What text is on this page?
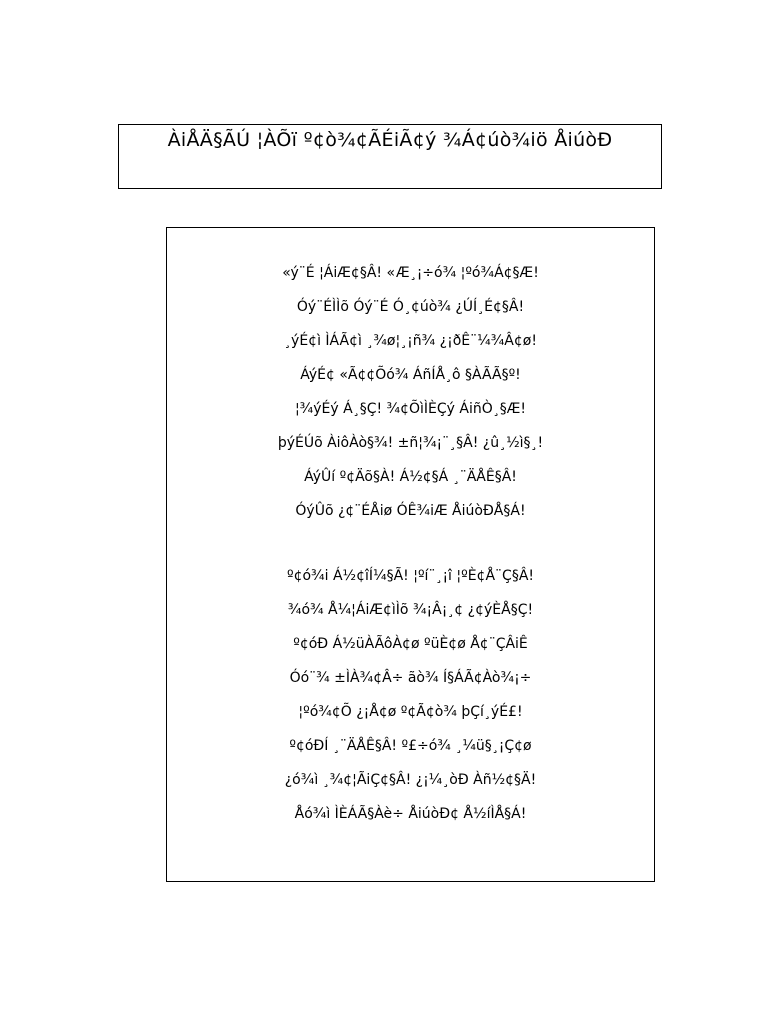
ÀiÅÄ§ÃÚ ¦ÀÕï º¢ò¾¢ÃÉiÃ¢ý ¾Á¢úò¾iö ÅiúòÐ
«ý¨É ¦ÁiÆ¢§Â! «Æ¸¡÷ó¾ ¦ºó¾Á¢§Æ!
Óý¨ÉÌÌõ Óý¨É Ó¸¢úò¾ ¿ÚÍ¸É¢§Â!
¸ýÉ¢ì ÌÁÃ¢ì ¸¾ø¦¸¡ñ¾ ¿¡ðÊ¨¼¾Â¢ø!
ÁýÉ¢ «Ã¢¢Õó¾ ÁñÍÅ¸ô §ÀÃÃ§º!
¦¾ýÉý Á¸§Ç! ¾¢ÕìÌÈÇý ÁiñÒ¸§Æ!
þýÉÚõ ÀiôÀò§¾! ±ñ¦¾¡¨¸§Â! ¿û¸½ì§¸!
ÁýÛí º¢Äõ§À! Á½¢§Á ¸¨ÄÅÊ§Â!
ÓýÛõ ¿¢¨ÉÅiø ÓÊ¾iÆ ÅiúòÐÅ§Á!
º¢ó¾i Á½¢îÍ¼§Ã! ¦ºí¨¸¡î ¦ºÈ¢Å¨Ç§Â!
¾ó¾ Å¼¦ÁiÆ¢ìÌõ ¾¡Â¡¸¢ ¿¢ýÈÅ§Ç!
º¢óÐ Á½üÀÃôÀ¢ø ºüÈ¢ø Å¢¨ÇÂiÊ
Óó¨¾ ±ÌÀ¾¢Â÷ ãò¾ Í§ÁÃ¢Àò¾¡÷
¦ºó¾¢Õ ¿¡Å¢ø º¢Ã¢ò¾ þÇí¸ýÉ£!
º¢óÐÍ ¸¨ÄÅÊ§Â! º£÷ó¾ ¸¼ü§¸¡Ç¢ø
¿ó¾ì ¸¾¢¦ÃiÇ¢§Â! ¿¡¼¸òÐ Àñ½¢§Ä!
Åó¾ì ÌÈÁÃ§Àè÷ ÅiúòÐ¢ Å½íÌÅ§Á!
